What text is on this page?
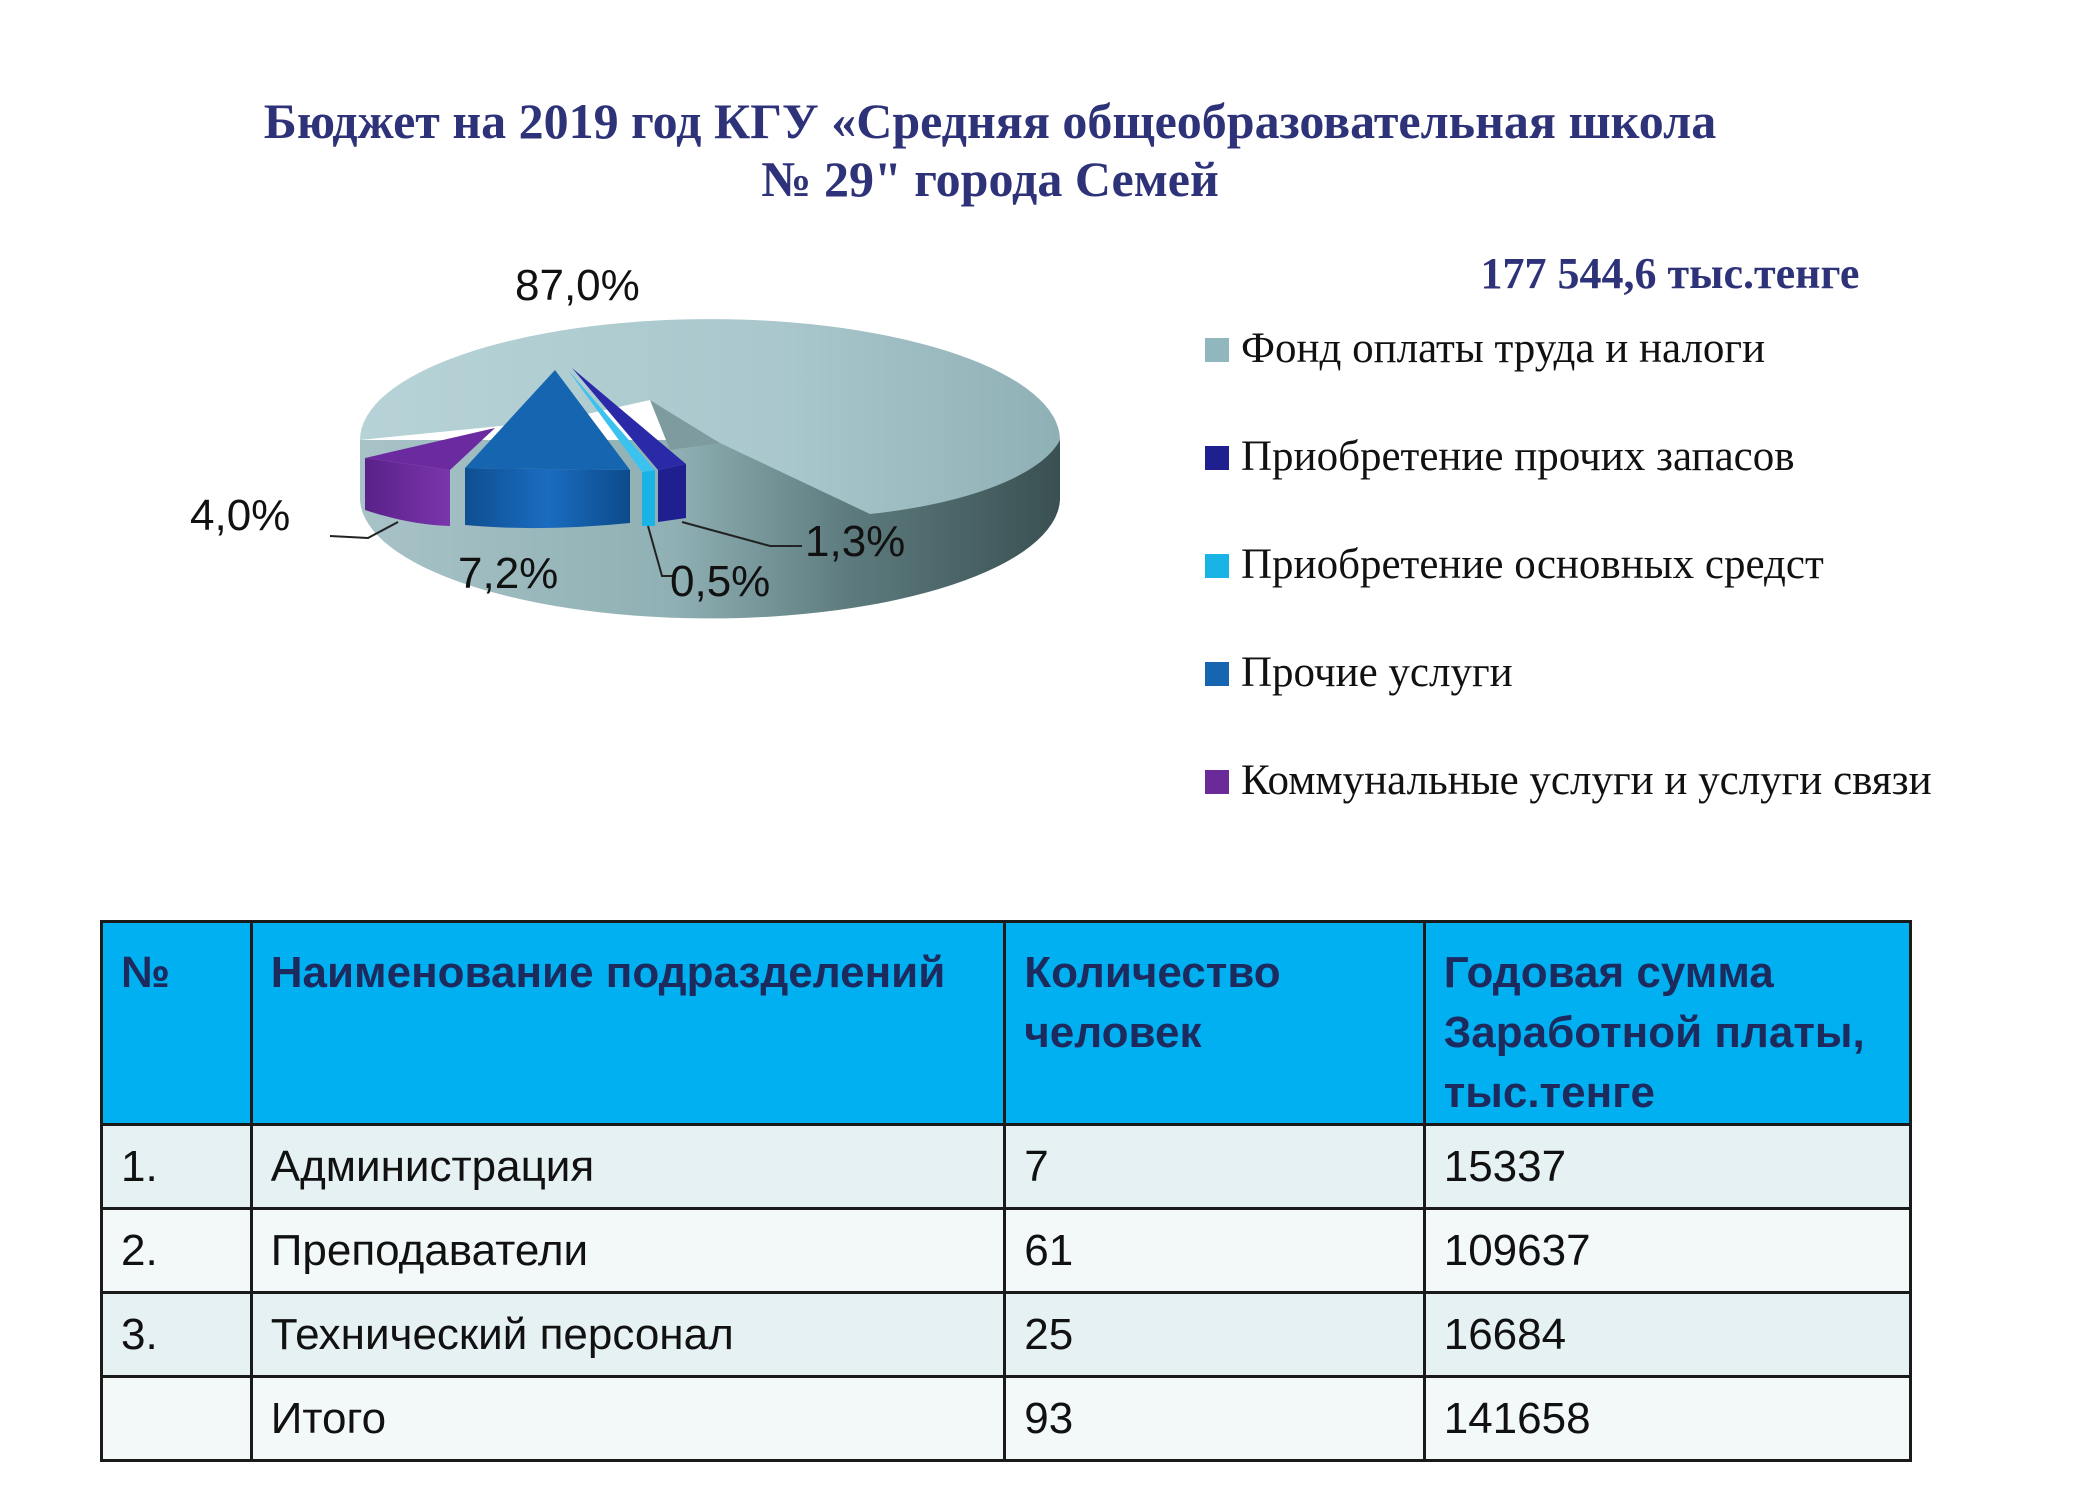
Бюджет на 2019 год КГУ «Средняя общеобразовательная школа
№ 29" города Семей
87,0%
4,0%
7,2%	0,5%
1,3%
177 544,6 тыс.тенге
Фонд оплаты труда и налоги
Приобретение прочих запасов
Приобретение основных средст
Прочие услуги
Коммунальные услуги и услуги связи
№	Наименование подразделений	Количество человек	Годовая сумма Заработной платы, тыс.тенге
1.	Администрация	7	15337
2.	Преподаватели	61	109637
3.	Технический персонал	25	16684
	Итого	93	141658
